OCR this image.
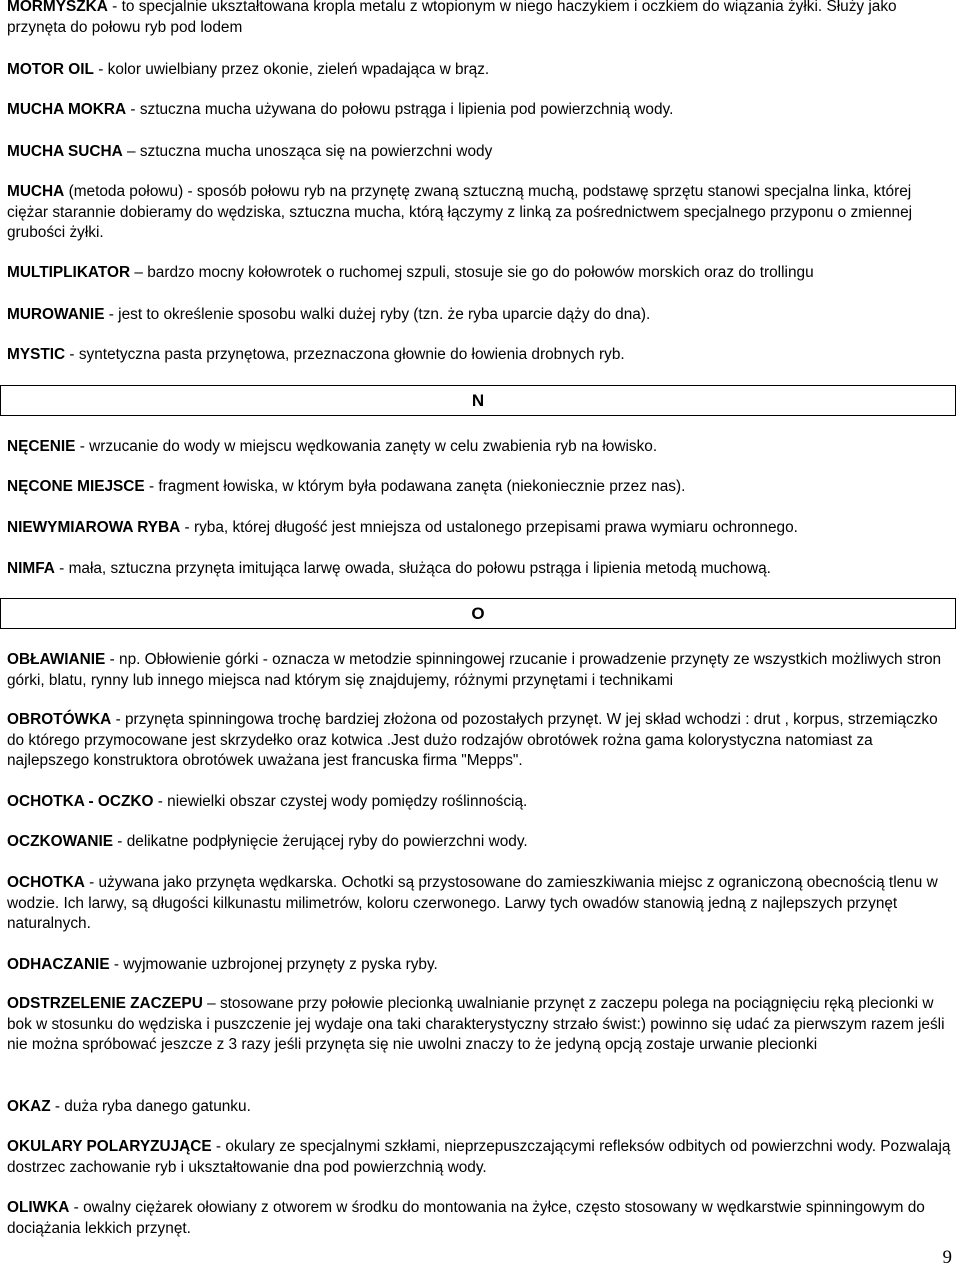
MORMYSZKA - to specjalnie ukształtowana kropla metalu z wtopionym w niego haczykiem i oczkiem do wiązania żyłki. Służy jako przynęta do połowu ryb pod lodem

MOTOR OIL - kolor uwielbiany przez okonie, zieleń wpadająca w brąz.

MUCHA MOKRA - sztuczna mucha używana do połowu pstrąga i lipienia pod powierzchnią wody.

MUCHA SUCHA – sztuczna mucha unosząca się na powierzchni wody

MUCHA (metoda połowu) - sposób połowu ryb na przynętę zwaną sztuczną muchą, podstawę sprzętu stanowi specjalna linka, której ciężar starannie dobieramy do wędziska, sztuczna mucha, którą łączymy z linką za pośrednictwem specjalnego przyponu o zmiennej grubości żyłki.

MULTIPLIKATOR – bardzo mocny kołowrotek o ruchomej szpuli, stosuje sie go do połowów morskich oraz do trollingu

MUROWANIE - jest to określenie sposobu walki dużej ryby (tzn. że ryba uparcie dąży do dna).

MYSTIC - syntetyczna pasta przynętowa, przeznaczona głownie do łowienia drobnych ryb.

N

NĘCENIE - wrzucanie do wody w miejscu wędkowania zanęty w celu zwabienia ryb na łowisko.

NĘCONE MIEJSCE - fragment łowiska, w którym była podawana zanęta (niekoniecznie przez nas).

NIEWYMIAROWA RYBA - ryba, której długość jest mniejsza od ustalonego przepisami prawa wymiaru ochronnego.

NIMFA - mała, sztuczna przynęta imitująca larwę owada, służąca do połowu pstrąga i lipienia metodą muchową.

O

OBŁAWIANIE - np. Obłowienie górki - oznacza w metodzie spinningowej rzucanie i prowadzenie przynęty ze wszystkich możliwych stron górki, blatu, rynny lub innego miejsca nad którym się znajdujemy, różnymi przynętami i technikami

OBROTÓWKA - przynęta spinningowa trochę bardziej złożona od pozostałych przynęt. W jej skład wchodzi : drut , korpus, strzemiączko do którego przymocowane jest skrzydełko oraz kotwica .Jest dużo rodzajów obrotówek rożna gama kolorystyczna natomiast za najlepszego konstruktora obrotówek uważana jest francuska firma "Mepps".

OCHOTKA - OCZKO - niewielki obszar czystej wody pomiędzy roślinnością.

OCZKOWANIE - delikatne podpłynięcie żerującej ryby do powierzchni wody.

OCHOTKA - używana jako przynęta wędkarska. Ochotki są przystosowane do zamieszkiwania miejsc z ograniczoną obecnością tlenu w wodzie. Ich larwy, są długości kilkunastu milimetrów, koloru czerwonego. Larwy tych owadów stanowią jedną z najlepszych przynęt naturalnych.

ODHACZANIE - wyjmowanie uzbrojonej przynęty z pyska ryby.

ODSTRZELENIE ZACZEPU – stosowane przy połowie plecionką uwalnianie przynęt z zaczepu polega na pociągnięciu ręką plecionki w bok w stosunku do wędziska i puszczenie jej wydaje ona taki charakterystyczny strzało świst:) powinno się udać za pierwszym razem jeśli nie można spróbować jeszcze z 3 razy jeśli przynęta się nie uwolni znaczy to że jedyną opcją zostaje urwanie plecionki

OKAZ - duża ryba danego gatunku.

OKULARY POLARYZUJĄCE - okulary ze specjalnymi szkłami, nieprzepuszczającymi refleksów odbitych od powierzchni wody. Pozwalają dostrzec zachowanie ryb i ukształtowanie dna pod powierzchnią wody.

OLIWKA - owalny ciężarek ołowiany z otworem w środku do montowania na żyłce, często stosowany w wędkarstwie spinningowym do dociążania lekkich przynęt.

9
